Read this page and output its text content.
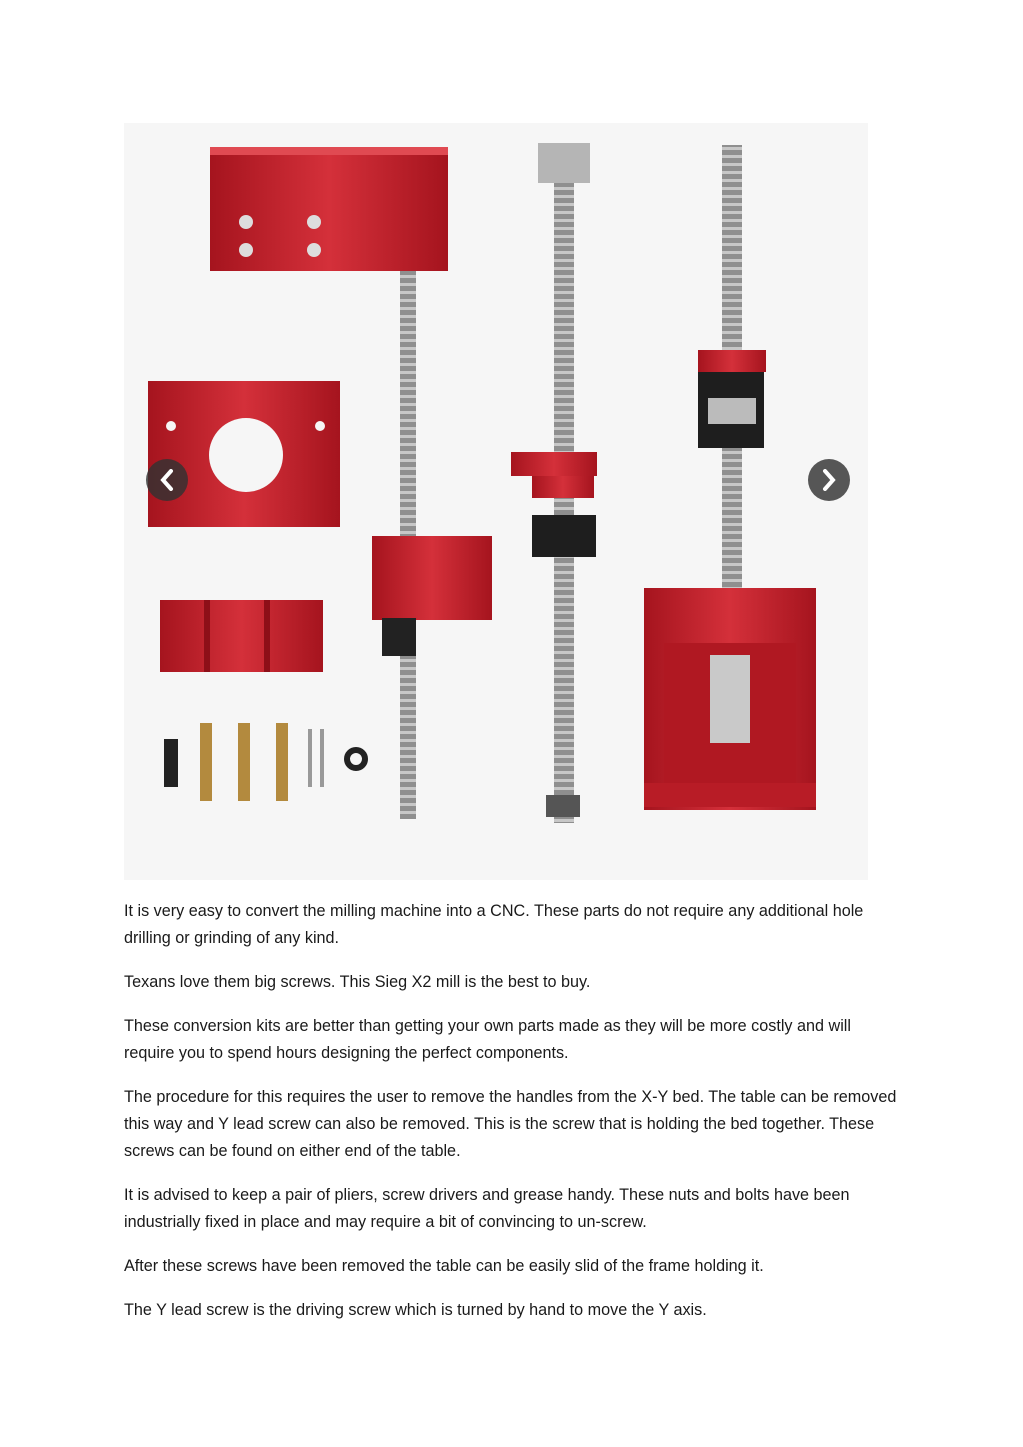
It is very easy to convert the milling machine into a CNC. These parts do not require any additional hole drilling or grinding of any kind.

Texans love them big screws. This Sieg X2 mill is the best to buy.

These conversion kits are better than getting your own parts made as they will be more costly and will require you to spend hours designing the perfect components.

The procedure for this requires the user to remove the handles from the X-Y bed. The table can be removed this way and Y lead screw can also be removed. This is the screw that is holding the bed together. These screws can be found on either end of the table.

It is advised to keep a pair of pliers, screw drivers and grease handy. These nuts and bolts have been industrially fixed in place and may require a bit of convincing to un-screw.

After these screws have been removed the table can be easily slid of the frame holding it.

The Y lead screw is the driving screw which is turned by hand to move the Y axis.
